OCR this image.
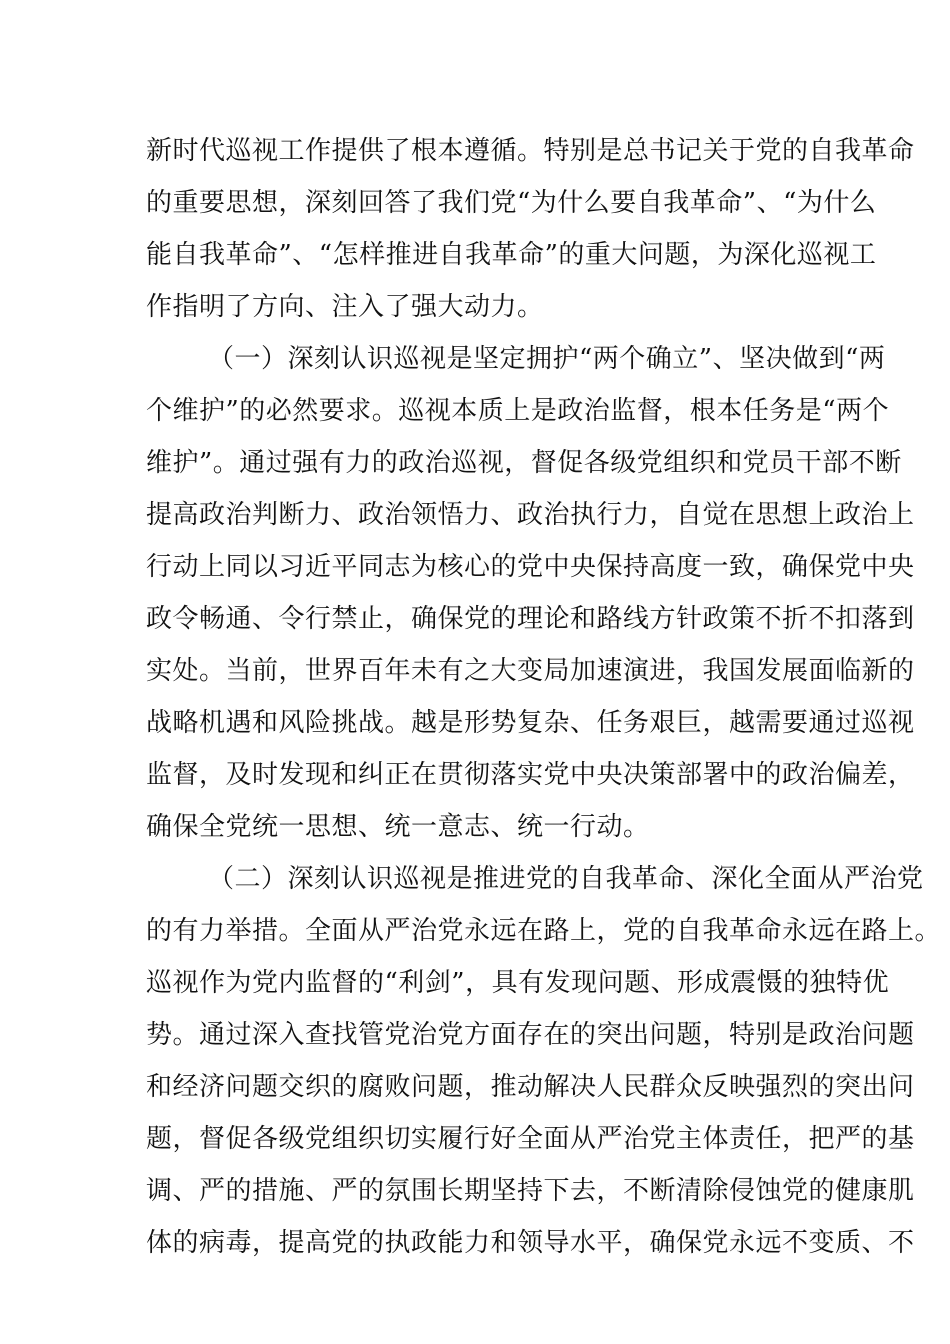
新时代巡视工作提供了根本遵循。特别是总书记关于党的自我革命
的重要思想，深刻回答了我们党“为什么要自我革命”、“为什么
能自我革命”、“怎样推进自我革命”的重大问题，为深化巡视工
作指明了方向、注入了强大动力。
（一）深刻认识巡视是坚定拥护“两个确立”、坚决做到“两
个维护”的必然要求。巡视本质上是政治监督，根本任务是“两个
维护”。通过强有力的政治巡视，督促各级党组织和党员干部不断
提高政治判断力、政治领悟力、政治执行力，自觉在思想上政治上
行动上同以习近平同志为核心的党中央保持高度一致，确保党中央
政令畅通、令行禁止，确保党的理论和路线方针政策不折不扣落到
实处。当前，世界百年未有之大变局加速演进，我国发展面临新的
战略机遇和风险挑战。越是形势复杂、任务艰巨，越需要通过巡视
监督，及时发现和纠正在贯彻落实党中央决策部署中的政治偏差，
确保全党统一思想、统一意志、统一行动。
（二）深刻认识巡视是推进党的自我革命、深化全面从严治党
的有力举措。全面从严治党永远在路上，党的自我革命永远在路上。
巡视作为党内监督的“利剑”，具有发现问题、形成震慑的独特优
势。通过深入查找管党治党方面存在的突出问题，特别是政治问题
和经济问题交织的腐败问题，推动解决人民群众反映强烈的突出问
题，督促各级党组织切实履行好全面从严治党主体责任，把严的基
调、严的措施、严的氛围长期坚持下去，不断清除侵蚀党的健康肌
体的病毒，提高党的执政能力和领导水平，确保党永远不变质、不
